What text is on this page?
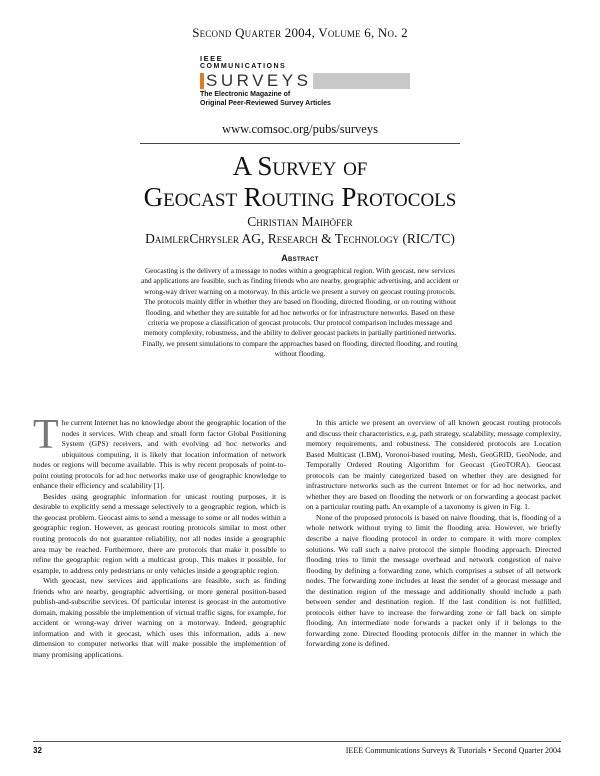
Second Quarter 2004, Volume 6, No. 2
IEEE
COMMUNICATIONS
SURVEYS
The Electronic Magazine of
Original Peer-Reviewed Survey Articles
www.comsoc.org/pubs/surveys
A Survey of
Geocast Routing Protocols
Christian Maihöfer
DaimlerChrysler AG, Research & Technology (RIC/TC)
Abstract
Geocasting is the delivery of a message to nodes within a geographical region. With geocast, new services and applications are feasible, such as finding friends who are nearby, geographic advertising, and accident or wrong-way driver warning on a motorway. In this article we present a survey on geocast routing protocols. The protocols mainly differ in whether they are based on flooding, directed flooding, or on routing without flooding, and whether they are suitable for ad hoc networks or for infrastructure networks. Based on these criteria we propose a classification of geocast protocols. Our protocol comparison includes message and memory complexity, robustness, and the ability to deliver geocast packets in partially partitioned networks. Finally, we present simulations to compare the approaches based on flooding, directed flooding, and routing without flooding.

The current Internet has no knowledge about the geographic location of the nodes it services. With cheap and small form factor Global Positioning System (GPS) receivers, and with evolving ad hoc networks and ubiquitous computing, it is likely that location information of network nodes or regions will become available. This is why recent proposals of point-to-point routing protocols for ad hoc networks make use of geographic knowledge to enhance their efficiency and scalability [1].

Besides using geographic information for unicast routing purposes, it is desirable to explicitly send a message selectively to a geographic region, which is the geocast problem. Geocast aims to send a message to some or all nodes within a geographic region. However, as geocast routing protocols similar to most other routing protocols do not guarantee reliability, not all nodes inside a geographic area may be reached. Furthermore, there are protocols that make it possible to refine the geographic region with a multicast group. This makes it possible, for example, to address only pedestrians or only vehicles inside a geographic region.

With geocast, new services and applications are feasible, such as finding friends who are nearby, geographic advertising, or more general position-based publish-and-subscribe services. Of particular interest is geocast in the automotive domain, making possible the implemention of virtual traffic signs, for example, for accident or wrong-way driver warning on a motorway. Indeed, geographic information and with it geocast, which uses this information, adds a new dimension to computer networks that will make possible the implemention of many promising applications.

In this article we present an overview of all known geocast routing protocols and discuss their characteristics, e.g, path strategy, scalability, message complexity, memory requirements, and robustness. The considered protocols are Location Based Multicast (LBM), Voronoi-based routing, Mesh, GeoGRID, GeoNode, and Temporally Ordered Routing Algorithm for Geocast (GeoTORA). Geocast protocols can be mainly categorized based on whether they are designed for infrastructure networks such as the current Internet or for ad hoc networks, and whether they are based on flooding the network or on forwarding a geocast packet on a particular routing path. An example of a taxonomy is given in Fig. 1.

None of the proposed protocols is based on naive flooding, that is, flooding of a whole network without trying to limit the flooding area. However, we briefly describe a naive flooding protocol in order to compare it with more complex solutions. We call such a naive protocol the simple flooding approach. Directed flooding tries to limit the message overhead and network congestion of naive flooding by defining a forwarding zone, which comprises a subset of all network nodes. The forwarding zone includes at least the sender of a geocast message and the destination region of the message and additionally should include a path between sender and destination region. If the last condition is not fulfilled, protocols either have to increase the forwarding zone or fall back on simple flooding. An intermediate node forwards a packet only if it belongs to the forwarding zone. Directed flooding protocols differ in the manner in which the forwarding zone is defined.

32	IEEE Communications Surveys & Tutorials • Second Quarter 2004
